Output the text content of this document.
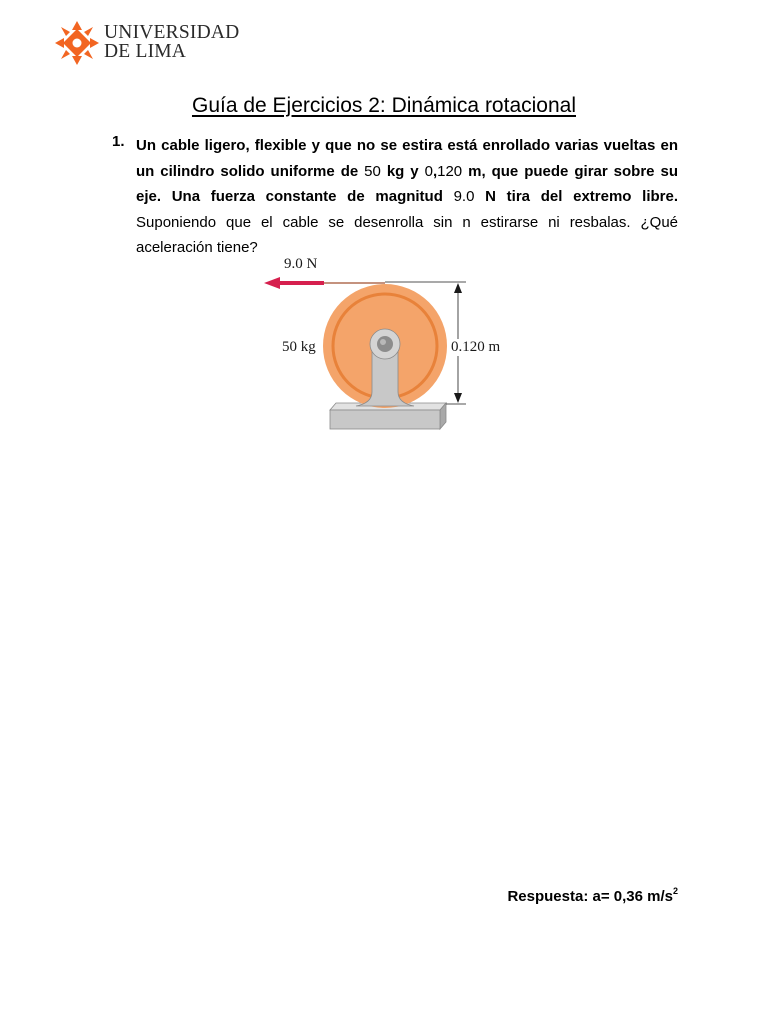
UNIVERSIDAD
DE LIMA
Guía de Ejercicios 2: Dinámica rotacional
1. Un cable ligero, flexible y que no se estira está enrollado varias vueltas en un cilindro solido uniforme de 50 kg y 0,120 m, que puede girar sobre su eje. Una fuerza constante de magnitud 9.0 N tira del extremo libre. Suponiendo que el cable se desenrolla sin n estirarse ni resbalas. ¿Qué aceleración tiene?
9.0 N
50 kg	0.120 m
Respuesta: a= 0,36 $m/s^2$
